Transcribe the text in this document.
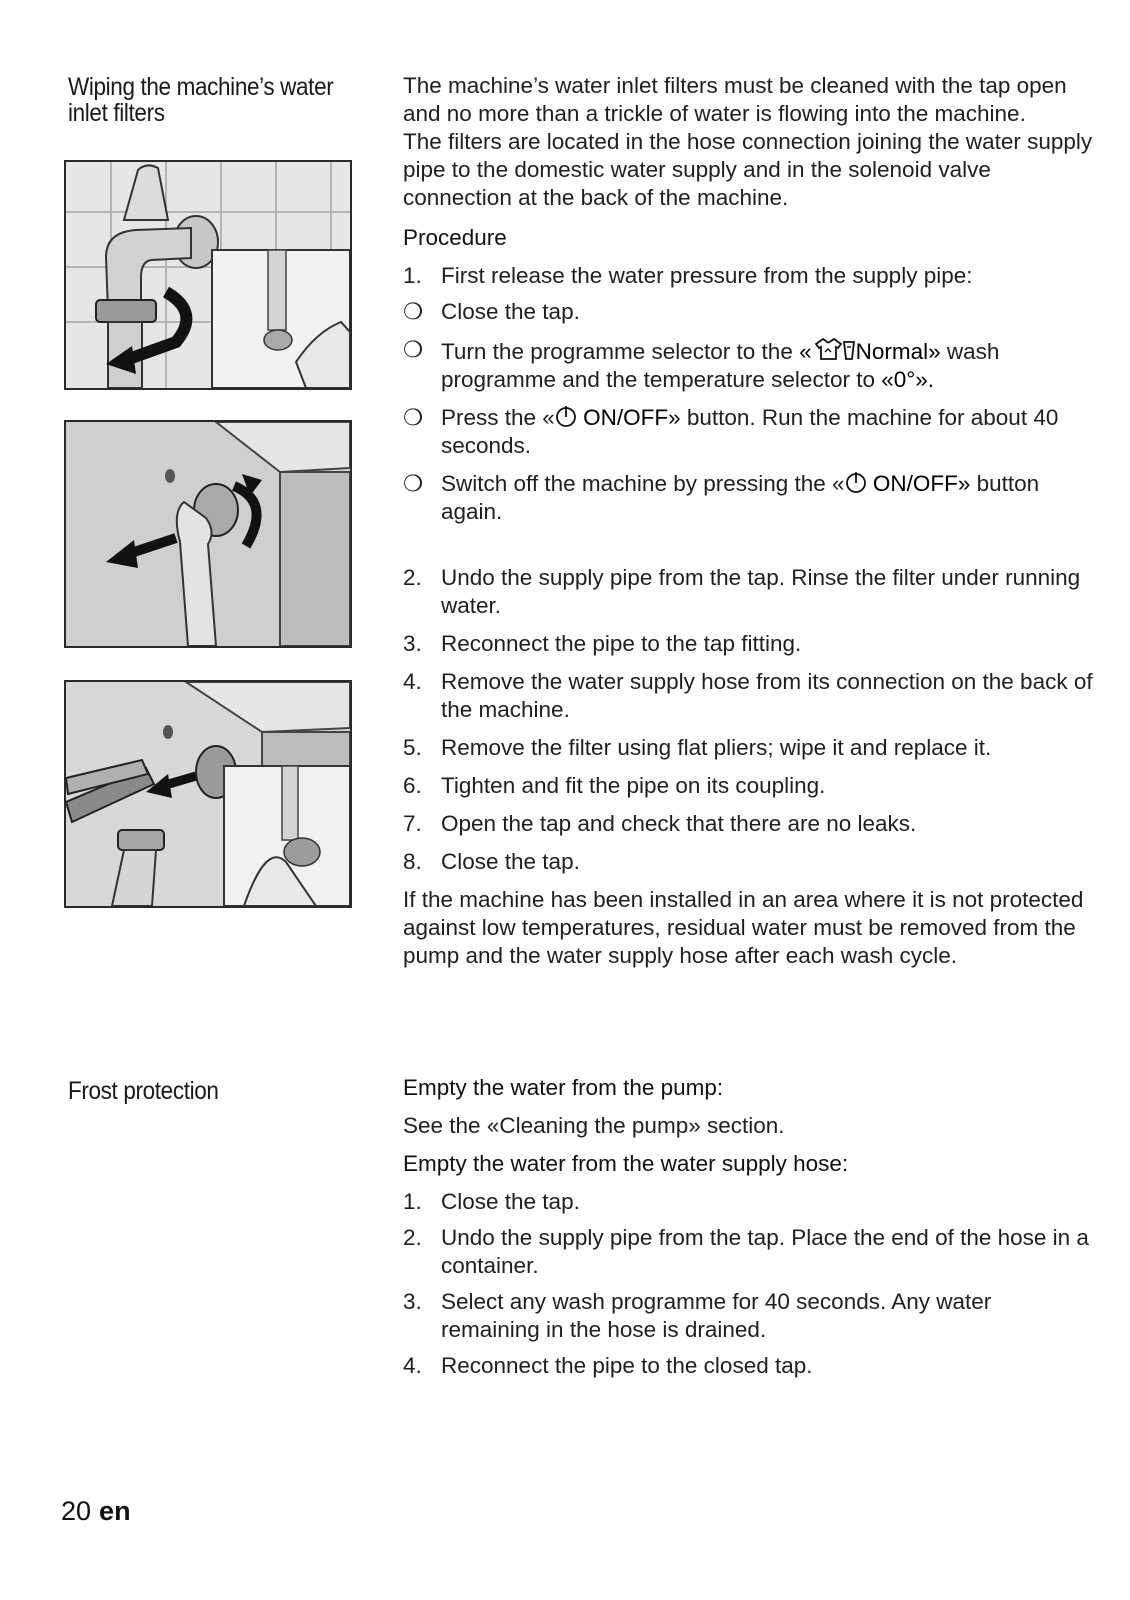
Wiping the machine’s water
inlet filters

The machine’s water inlet filters must be cleaned with the tap open and no more than a trickle of water is flowing into the machine.

The filters are located in the hose connection joining the water supply pipe to the domestic water supply and in the solenoid valve connection at the back of the machine.

Procedure

1. First release the water pressure from the supply pipe:

❍ Close the tap.

❍ Turn the programme selector to the « Normal» wash programme and the temperature selector to «0°».

❍ Press the « ON/OFF» button. Run the machine for about 40 seconds.

❍ Switch off the machine by pressing the « ON/OFF» button again.

2. Undo the supply pipe from the tap. Rinse the filter under running water.

3. Reconnect the pipe to the tap fitting.

4. Remove the water supply hose from its connection on the back of the machine.

5. Remove the filter using flat pliers; wipe it and replace it.

6. Tighten and fit the pipe on its coupling.

7. Open the tap and check that there are no leaks.

8. Close the tap.

If the machine has been installed in an area where it is not protected against low temperatures, residual water must be removed from the pump and the water supply hose after each wash cycle.

Frost protection	Empty the water from the pump:

See the «Cleaning the pump» section.

Empty the water from the water supply hose:

1. Close the tap.

2. Undo the supply pipe from the tap. Place the end of the hose in a container.

3. Select any wash programme for 40 seconds. Any water remaining in the hose is drained.

4. Reconnect the pipe to the closed tap.

20 en
